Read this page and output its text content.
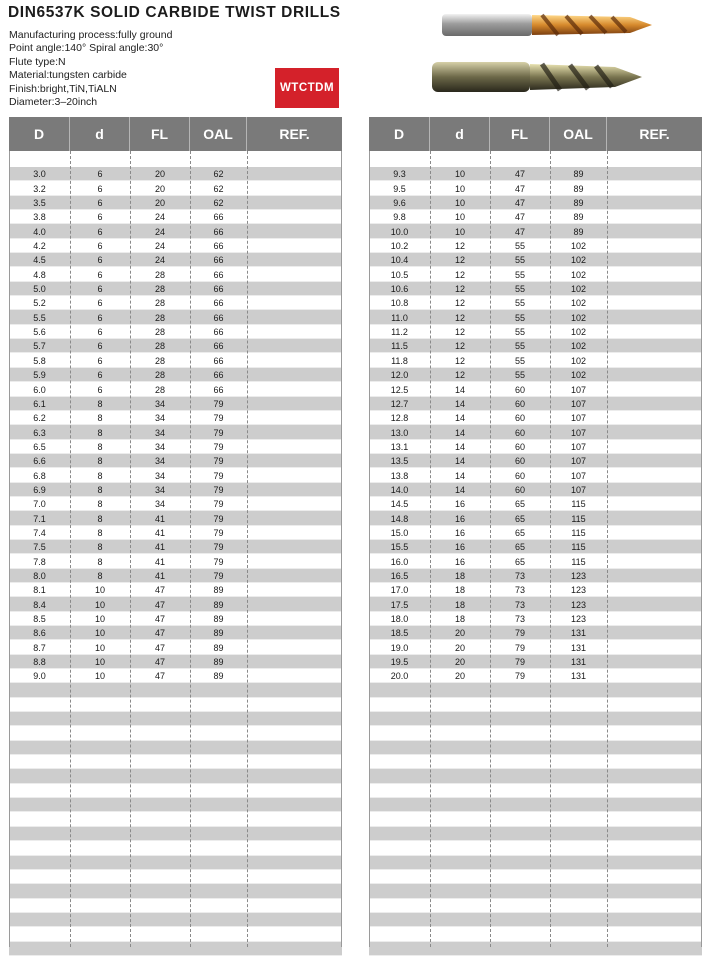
DIN6537K SOLID CARBIDE TWIST DRILLS
Manufacturing process:fully ground
Point angle:140° Spiral angle:30°
Flute type:N
Material:tungsten carbide
Finish:bright,TiN,TiALN
Diameter:3–20inch
WTCTDM
D	d	FL	OAL	REF.
3.0	6	20	62
3.2	6	20	62
3.5	6	20	62
3.8	6	24	66
4.0	6	24	66
4.2	6	24	66
4.5	6	24	66
4.8	6	28	66
5.0	6	28	66
5.2	6	28	66
5.5	6	28	66
5.6	6	28	66
5.7	6	28	66
5.8	6	28	66
5.9	6	28	66
6.0	6	28	66
6.1	8	34	79
6.2	8	34	79
6.3	8	34	79
6.5	8	34	79
6.6	8	34	79
6.8	8	34	79
6.9	8	34	79
7.0	8	34	79
7.1	8	41	79
7.4	8	41	79
7.5	8	41	79
7.8	8	41	79
8.0	8	41	79
8.1	10	47	89
8.4	10	47	89
8.5	10	47	89
8.6	10	47	89
8.7	10	47	89
8.8	10	47	89
9.0	10	47	89
D	d	FL	OAL	REF.
9.3	10	47	89
9.5	10	47	89
9.6	10	47	89
9.8	10	47	89
10.0	10	47	89
10.2	12	55	102
10.4	12	55	102
10.5	12	55	102
10.6	12	55	102
10.8	12	55	102
11.0	12	55	102
11.2	12	55	102
11.5	12	55	102
11.8	12	55	102
12.0	12	55	102
12.5	14	60	107
12.7	14	60	107
12.8	14	60	107
13.0	14	60	107
13.1	14	60	107
13.5	14	60	107
13.8	14	60	107
14.0	14	60	107
14.5	16	65	115
14.8	16	65	115
15.0	16	65	115
15.5	16	65	115
16.0	16	65	115
16.5	18	73	123
17.0	18	73	123
17.5	18	73	123
18.0	18	73	123
18.5	20	79	131
19.0	20	79	131
19.5	20	79	131
20.0	20	79	131
